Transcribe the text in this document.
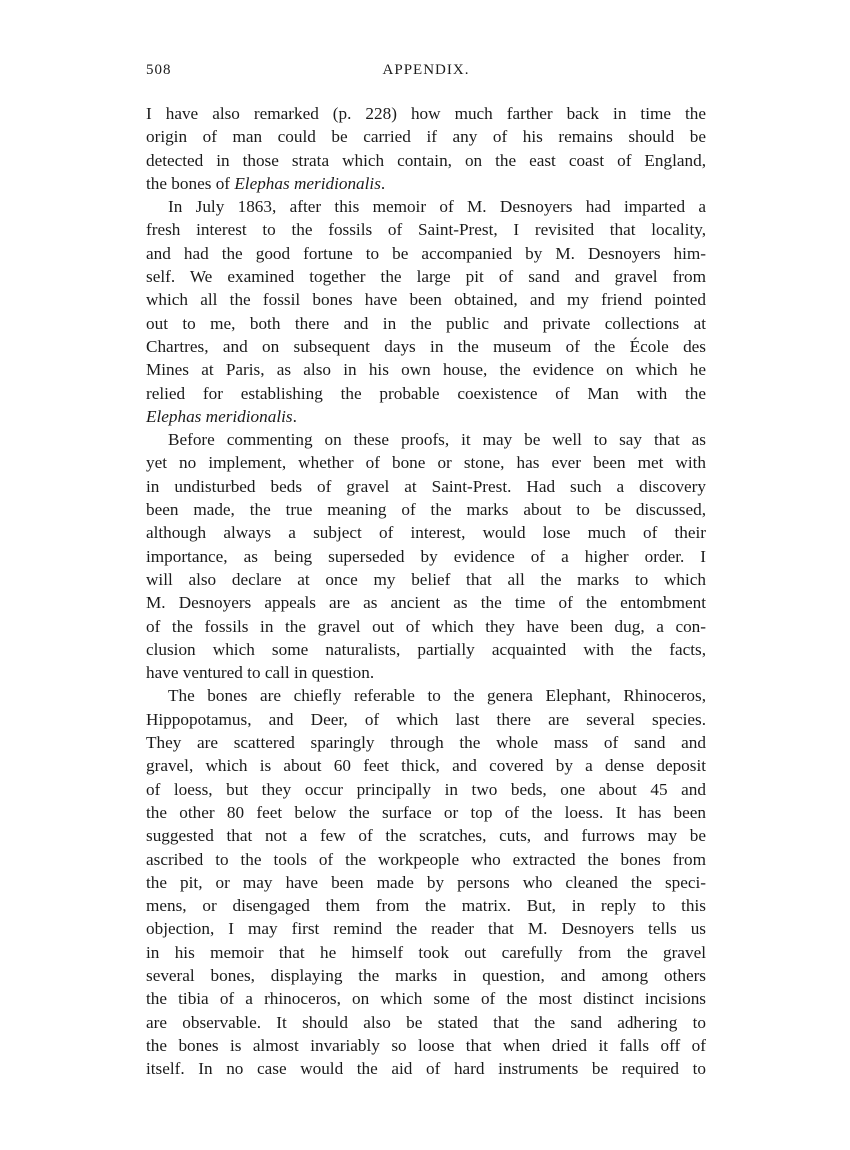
508	APPENDIX.
I have also remarked (p. 228) how much farther back in time the
origin of man could be carried if any of his remains should be
detected in those strata which contain, on the east coast of England,
the bones of Elephas meridionalis.
In July 1863, after this memoir of M. Desnoyers had imparted a
fresh interest to the fossils of Saint-Prest, I revisited that locality,
and had the good fortune to be accompanied by M. Desnoyers him-
self. We examined together the large pit of sand and gravel from
which all the fossil bones have been obtained, and my friend pointed
out to me, both there and in the public and private collections at
Chartres, and on subsequent days in the museum of the École des
Mines at Paris, as also in his own house, the evidence on which he
relied for establishing the probable coexistence of Man with the
Elephas meridionalis.
Before commenting on these proofs, it may be well to say that as
yet no implement, whether of bone or stone, has ever been met with
in undisturbed beds of gravel at Saint-Prest. Had such a discovery
been made, the true meaning of the marks about to be discussed,
although always a subject of interest, would lose much of their
importance, as being superseded by evidence of a higher order. I
will also declare at once my belief that all the marks to which
M. Desnoyers appeals are as ancient as the time of the entombment
of the fossils in the gravel out of which they have been dug, a con-
clusion which some naturalists, partially acquainted with the facts,
have ventured to call in question.
The bones are chiefly referable to the genera Elephant, Rhinoceros,
Hippopotamus, and Deer, of which last there are several species.
They are scattered sparingly through the whole mass of sand and
gravel, which is about 60 feet thick, and covered by a dense deposit
of loess, but they occur principally in two beds, one about 45 and
the other 80 feet below the surface or top of the loess. It has been
suggested that not a few of the scratches, cuts, and furrows may be
ascribed to the tools of the workpeople who extracted the bones from
the pit, or may have been made by persons who cleaned the speci-
mens, or disengaged them from the matrix. But, in reply to this
objection, I may first remind the reader that M. Desnoyers tells us
in his memoir that he himself took out carefully from the gravel
several bones, displaying the marks in question, and among others
the tibia of a rhinoceros, on which some of the most distinct incisions
are observable. It should also be stated that the sand adhering to
the bones is almost invariably so loose that when dried it falls off of
itself. In no case would the aid of hard instruments be required to
